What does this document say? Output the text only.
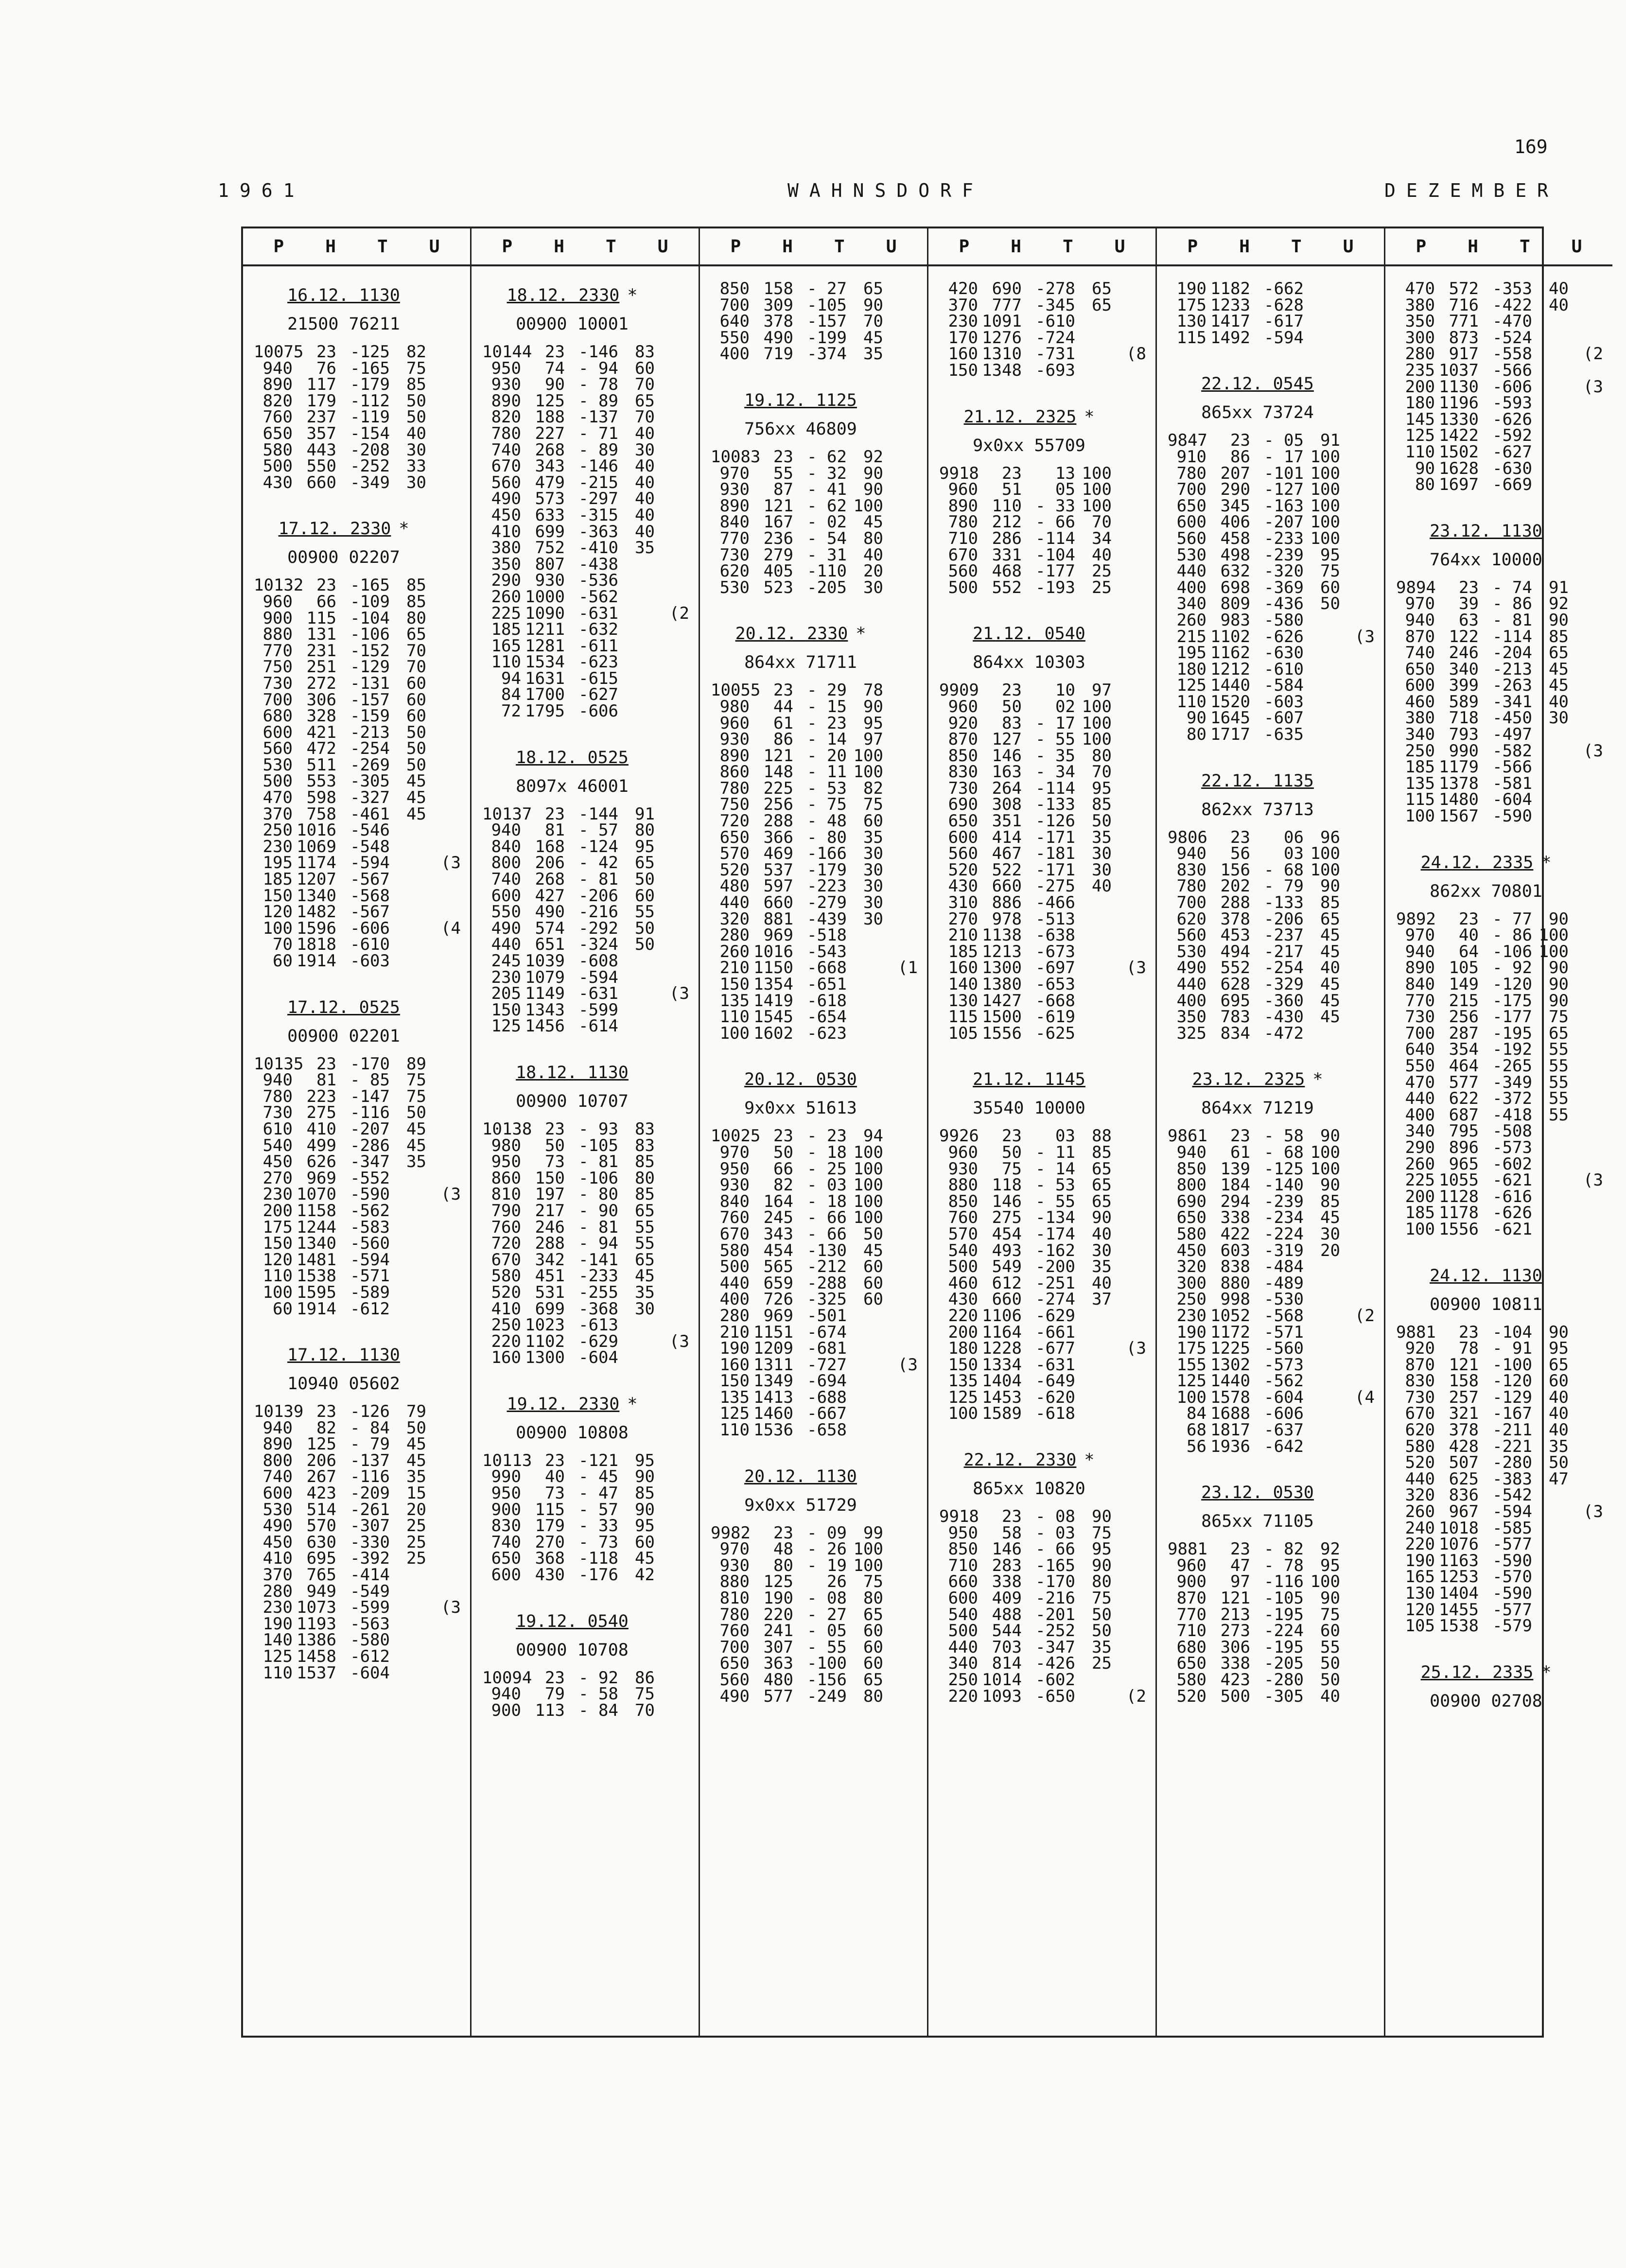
169
1961	WAHNSDORF	DEZEMBER
P H T U
16.12. 1130
21500 76211
10075 23 -125	82
940	76 -165	75
890 117 -179	85
820 179 -112	50
760 237 -119	50
650 357 -154	40
580 443 -208	30
500 550 -252	33
430 660 -349	30
17.12. 2330 *
00900 02207
10132 23 -165	85
960	66 -109	85
900 115 -104	80
880 131 -106	65
770 231 -152	70
750 251 -129	70
730 272 -131	60
700 306 -157	60
680 328 -159	60
600 421 -213	50
560 472 -254	50
530 511 -269	50
500 553 -305	45
470 598 -327	45
370 758 -461	45
250 1016 -546
230 1069 -548
195 1174 -594	(3
185 1207 -567
150 1340 -568
120 1482 -567
100 1596 -606	(4
70 1818 -610
60 1914 -603
17.12. 0525
00900 02201
10135 23 -170	89
940	81 - 85	75
780 223 -147	75
730 275 -116	50
610 410 -207	45
540 499 -286	45
450 626 -347	35
270 969 -552
230 1070 -590	(3
200 1158 -562
175 1244 -583
150 1340 -560
120 1481 -594
110 1538 -571
100 1595 -589
60 1914 -612
17.12. 1130
10940 05602
10139 23 -126	79
940	82 - 84	50
890 125 - 79	45
800 206 -137	45
740 267 -116	35
600 423 -209	15
530 514 -261	20
490 570 -307	25
450 630 -330	25
410 695 -392	25
370 765 -414
280 949 -549
230 1073 -599	(3
190 1193 -563
140 1386 -580
125 1458 -612
110 1537 -604
P H T U
18.12. 2330 *
00900 10001
10144 23 -146	83
950	74 - 94	60
930	90 - 78	70
890 125 - 89	65
820 188 -137	70
780 227 - 71	40
740 268 - 89	30
670 343 -146	40
560 479 -215	40
490 573 -297	40
450 633 -315	40
410 699 -363	40
380 752 -410	35
350 807 -438
290 930 -536
260 1000 -562
225 1090 -631	(2
185 1211 -632
165 1281 -611
110 1534 -623
94 1631 -615
84 1700 -627
72 1795 -606
18.12. 0525
8097x 46001
10137 23 -144	91
940	81 - 57	80
840 168 -124	95
800 206 - 42	65
740 268 - 81	50
600 427 -206	60
550 490 -216	55
490 574 -292	50
440 651 -324	50
245 1039 -608
230 1079 -594
205 1149 -631	(3
150 1343 -599
125 1456 -614
18.12. 1130
00900 10707
10138 23 - 93	83
980	50 -105	83
950	73 - 81	85
860 150 -106	80
810 197 - 80	85
790 217 - 90	65
760 246 - 81	55
720 288 - 94	55
670 342 -141	65
580 451 -233	45
520 531 -255	35
410 699 -368	30
250 1023 -613
220 1102 -629	(3
160 1300 -604
19.12. 2330 *
00900 10808
10113 23 -121	95
990	40 - 45	90
950	73 - 47	85
900 115 - 57	90
830 179 - 33	95
740 270 - 73	60
650 368 -118	45
600 430 -176	42
19.12. 0540
00900 10708
10094 23 - 92	86
940	79 - 58	75
900 113 - 84	70
P H T U
850 158 - 27	65
700 309 -105	90
640 378 -157	70
550 490 -199	45
400 719 -374	35
19.12. 1125
756xx 46809
10083 23 - 62	92
970	55 - 32	90
930	87 - 41	90
890 121 - 62 100
840 167 - 02	45
770 236 - 54	80
730 279 - 31	40
620 405 -110	20
530 523 -205	30
20.12. 2330 *
864xx 71711
10055 23 - 29	78
980	44 - 15	90
960	61 - 23	95
930	86 - 14	97
890 121 - 20 100
860 148 - 11 100
780 225 - 53	82
750 256 - 75	75
720 288 - 48	60
650 366 - 80	35
570 469 -166	30
520 537 -179	30
480 597 -223	30
440 660 -279	30
320 881 -439	30
280 969 -518
260 1016 -543
210 1150 -668	(1
150 1354 -651
135 1419 -618
110 1545 -654
100 1602 -623
20.12. 0530
9x0xx 51613
10025 23 - 23	94
970	50 - 18 100
950	66 - 25 100
930	82 - 03 100
840 164 - 18 100
760 245 - 66 100
670 343 - 66	50
580 454 -130	45
500 565 -212	60
440 659 -288	60
400 726 -325	60
280 969 -501
210 1151 -674
190 1209 -681
160 1311 -727	(3
150 1349 -694
135 1413 -688
125 1460 -667
110 1536 -658
20.12. 1130
9x0xx 51729
9982	23 - 09	99
970	48 - 26 100
930	80 - 19 100
880 125	26	75
810 190 - 08	80
780 220 - 27	65
760 241 - 05	60
700 307 - 55	60
650 363 -100	60
560 480 -156	65
490 577 -249	80
P H T U
420 690 -278	65
370 777 -345	65
230 1091 -610
170 1276 -724
160 1310 -731	(8
150 1348 -693
21.12. 2325 *
9x0xx 55709
9918	23	13 100
960	51	05 100
890 110 - 33 100
780 212 - 66	70
710 286 -114	34
670 331 -104	40
560 468 -177	25
500 552 -193	25
21.12. 0540
864xx 10303
9909	23	10	97
960	50	02 100
920	83 - 17 100
870 127 - 55 100
850 146 - 35	80
830 163 - 34	70
730 264 -114	95
690 308 -133	85
650 351 -126	50
600 414 -171	35
560 467 -181	30
520 522 -171	30
430 660 -275	40
310 886 -466
270 978 -513
210 1138 -638
185 1213 -673
160 1300 -697	(3
140 1380 -653
130 1427 -668
115 1500 -619
105 1556 -625
21.12. 1145
35540 10000
9926	23	03	88
960	50 - 11	85
930	75 - 14	65
880 118 - 53	65
850 146 - 55	65
760 275 -134	90
570 454 -174	40
540 493 -162	30
500 549 -200	35
460 612 -251	40
430 660 -274	37
220 1106 -629
200 1164 -661
180 1228 -677	(3
150 1334 -631
135 1404 -649
125 1453 -620
100 1589 -618
22.12. 2330 *
865xx 10820
9918	23 - 08	90
950	58 - 03	75
850 146 - 66	95
710 283 -165	90
660 338 -170	80
600 409 -216	75
540 488 -201	50
500 544 -252	50
440 703 -347	35
340 814 -426	25
250 1014 -602
220 1093 -650	(2
P H T U
190 1182 -662
175 1233 -628
130 1417 -617
115 1492 -594
22.12. 0545
865xx 73724
9847	23 - 05	91
910	86 - 17 100
780 207 -101 100
700 290 -127 100
650 345 -163 100
600 406 -207 100
560 458 -233 100
530 498 -239	95
440 632 -320	75
400 698 -369	60
340 809 -436	50
260 983 -580
215 1102 -626	(3
195 1162 -630
180 1212 -610
125 1440 -584
110 1520 -603
90 1645 -607
80 1717 -635
22.12. 1135
862xx 73713
9806	23	06	96
940	56	03 100
830 156 - 68 100
780 202 - 79	90
700 288 -133	85
620 378 -206	65
560 453 -237	45
530 494 -217	45
490 552 -254	40
440 628 -329	45
400 695 -360	45
350 783 -430	45
325 834 -472
23.12. 2325 *
864xx 71219
9861	23 - 58	90
940	61 - 68 100
850 139 -125 100
800 184 -140	90
690 294 -239	85
650 338 -234	45
580 422 -224	30
450 603 -319	20
320 838 -484
300 880 -489
250 998 -530
230 1052 -568	(2
190 1172 -571
175 1225 -560
155 1302 -573
125 1440 -562
100 1578 -604	(4
84 1688 -606
68 1817 -637
56 1936 -642
23.12. 0530
865xx 71105
9881	23 - 82	92
960	47 - 78	95
900	97 -116 100
870 121 -105	90
770 213 -195	75
710 273 -224	60
680 306 -195	55
650 338 -205	50
580 423 -280	50
520 500 -305	40
P H T U
470 572 -353	40
380 716 -422	40
350 771 -470
300 873 -524
280 917 -558	(2
235 1037 -566
200 1130 -606	(3
180 1196 -593
145 1330 -626
125 1422 -592
110 1502 -627
90 1628 -630
80 1697 -669
23.12. 1130
764xx 10000
9894	23 - 74	91
970	39 - 86	92
940	63 - 81	90
870 122 -114	85
740 246 -204	65
650 340 -213	45
600 399 -263	45
460 589 -341	40
380 718 -450	30
340 793 -497
250 990 -582	(3
185 1179 -566
135 1378 -581
115 1480 -604
100 1567 -590
24.12. 2335 *
862xx 70801
9892	23 - 77	90
970	40 - 86 100
940	64 -106 100
890 105 - 92	90
840 149 -120	90
770 215 -175	90
730 256 -177	75
700 287 -195	65
640 354 -192	55
550 464 -265	55
470 577 -349	55
440 622 -372	55
400 687 -418	55
340 795 -508
290 896 -573
260 965 -602
225 1055 -621	(3
200 1128 -616
185 1178 -626
100 1556 -621
24.12. 1130
00900 10811
9881	23 -104	90
920	78 - 91	95
870 121 -100	65
830 158 -120	60
730 257 -129	40
670 321 -167	40
620 378 -211	40
580 428 -221	35
520 507 -280	50
440 625 -383	47
320 836 -542
260 967 -594	(3
240 1018 -585
220 1076 -577
190 1163 -590
165 1253 -570
130 1404 -590
120 1455 -577
105 1538 -579
25.12. 2335 *
00900 02708
